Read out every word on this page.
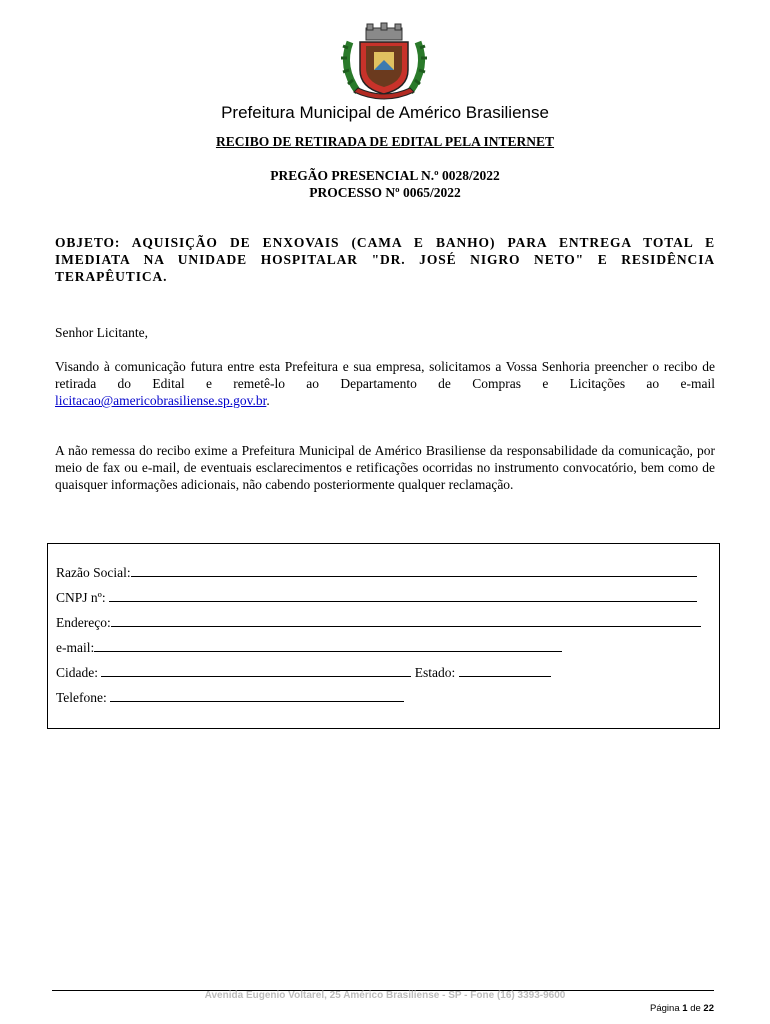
Prefeitura Municipal de Américo Brasiliense
RECIBO DE RETIRADA DE EDITAL PELA INTERNET
PREGÃO PRESENCIAL N.º 0028/2022
PROCESSO Nº 0065/2022
OBJETO: AQUISIÇÃO DE ENXOVAIS (CAMA E BANHO) PARA ENTREGA TOTAL E IMEDIATA NA UNIDADE HOSPITALAR "DR. JOSÉ NIGRO NETO" E RESIDÊNCIA TERAPÊUTICA.
Senhor Licitante,
Visando à comunicação futura entre esta Prefeitura e sua empresa, solicitamos a Vossa Senhoria preencher o recibo de retirada do Edital e remetê-lo ao Departamento de Compras e Licitações ao e-mail licitacao@americobrasiliense.sp.gov.br.
A não remessa do recibo exime a Prefeitura Municipal de Américo Brasiliense da responsabilidade da comunicação, por meio de fax ou e-mail, de eventuais esclarecimentos e retificações ocorridas no instrumento convocatório, bem como de quaisquer informações adicionais, não cabendo posteriormente qualquer reclamação.
Razão Social:
CNPJ nº:
Endereço:
e-mail:
Cidade:	Estado:
Telefone:
Avenida Eugenio Voltarel, 25 Américo Brasiliense - SP - Fone (16) 3393-9600
Página 1 de 22
